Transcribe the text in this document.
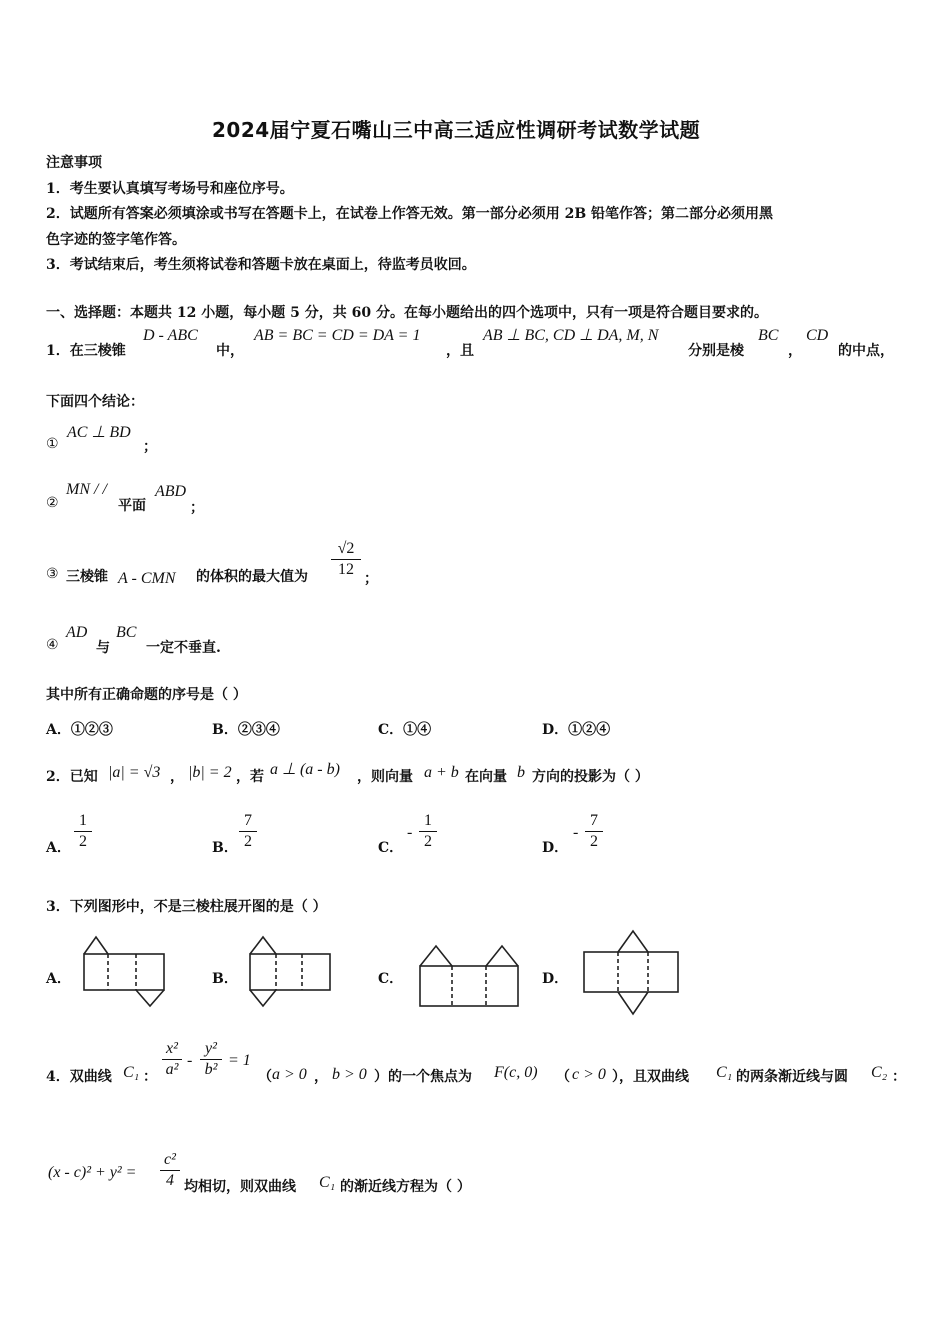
2024届宁夏石嘴山三中高三适应性调研考试数学试题
注意事项
1．考生要认真填写考场号和座位序号。
2．试题所有答案必须填涂或书写在答题卡上，在试卷上作答无效。第一部分必须用 2B 铅笔作答；第二部分必须用黑
色字迹的签字笔作答。
3．考试结束后，考生须将试卷和答题卡放在桌面上，待监考员收回。
一、选择题：本题共 12 小题，每小题 5 分，共 60 分。在每小题给出的四个选项中，只有一项是符合题目要求的。
1．在三棱锥
D - ABC
中，
AB = BC = CD = DA = 1
，且
AB ⊥ BC, CD ⊥ DA, M, N
分别是棱
BC
，
CD
的中点，
下面四个结论：
①
AC ⊥ BD
；
②
MN / /
平面
ABD
；
③ 三棱锥 A - CMN 的体积的最大值为
√2
12
；
④
AD
与
BC
一定不垂直.
其中所有正确命题的序号是（ ）
A．①②③	B．②③④	C．①④	D．①②④
2．已知 |a| = √3 ， |b| = 2 ，若 a ⊥ (a - b) ，则向量 a + b 在向量 b 方向的投影为（ ）
A．
1
2	B．
7
2	C．
-
1
2	D．
-
7
2
3．下列图形中，不是三棱柱展开图的是（ ）
A．	B．	C．	D．
4．双曲线 C₁ ：
x²
a²
-
y²
b²
= 1
（ a > 0 ， b > 0 ）的一个焦点为 F(c, 0) （ c > 0 ），且双曲线 C₁ 的两条渐近线与圆 C₂ ：
(x - c)² + y² =
c²
4 均相切，则双曲线 C₁ 的渐近线方程为（ ）
